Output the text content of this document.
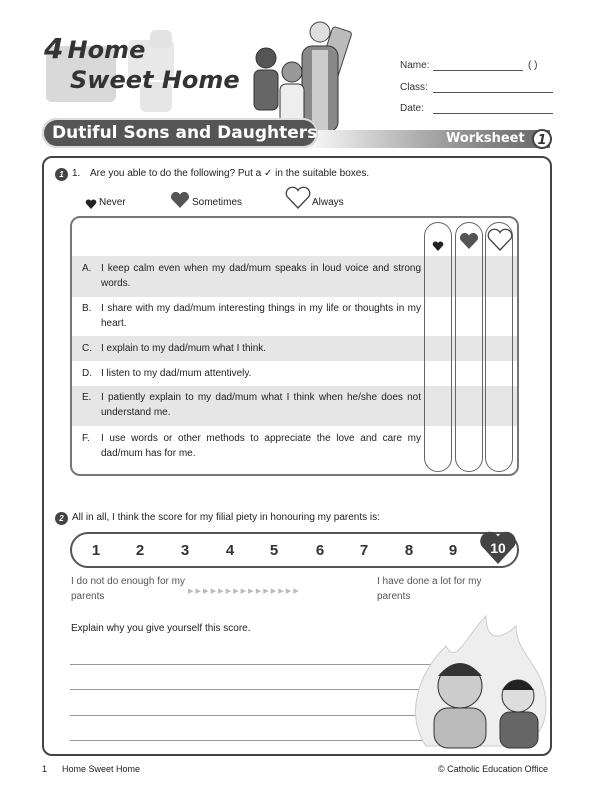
4 Home
Sweet Home
Name:	( )
Class:
Date:
Dutiful Sons and Daughters	Worksheet 1
1 1. Are you able to do the following? Put a ✓ in the suitable boxes.
Never	Sometimes	Always
A. I keep calm even when my dad/mum speaks in loud voice and strong words.
B. I share with my dad/mum interesting things in my life or thoughts in my heart.
C. I explain to my dad/mum what I think.
D. I listen to my dad/mum attentively.
E. I patiently explain to my dad/mum what I think when he/she does not understand me.
F. I use words or other methods to appreciate the love and care my dad/mum has for me.
2 All in all, I think the score for my filial piety in honouring my parents is:
1	2	3	4	5	6	7	8	9	10
I do not do enough for my parents	▸▸▸▸▸▸▸▸▸▸▸▸▸▸▸
I have done a lot for my parents
Explain why you give yourself this score.
1 Home Sweet Home	© Catholic Education Office
